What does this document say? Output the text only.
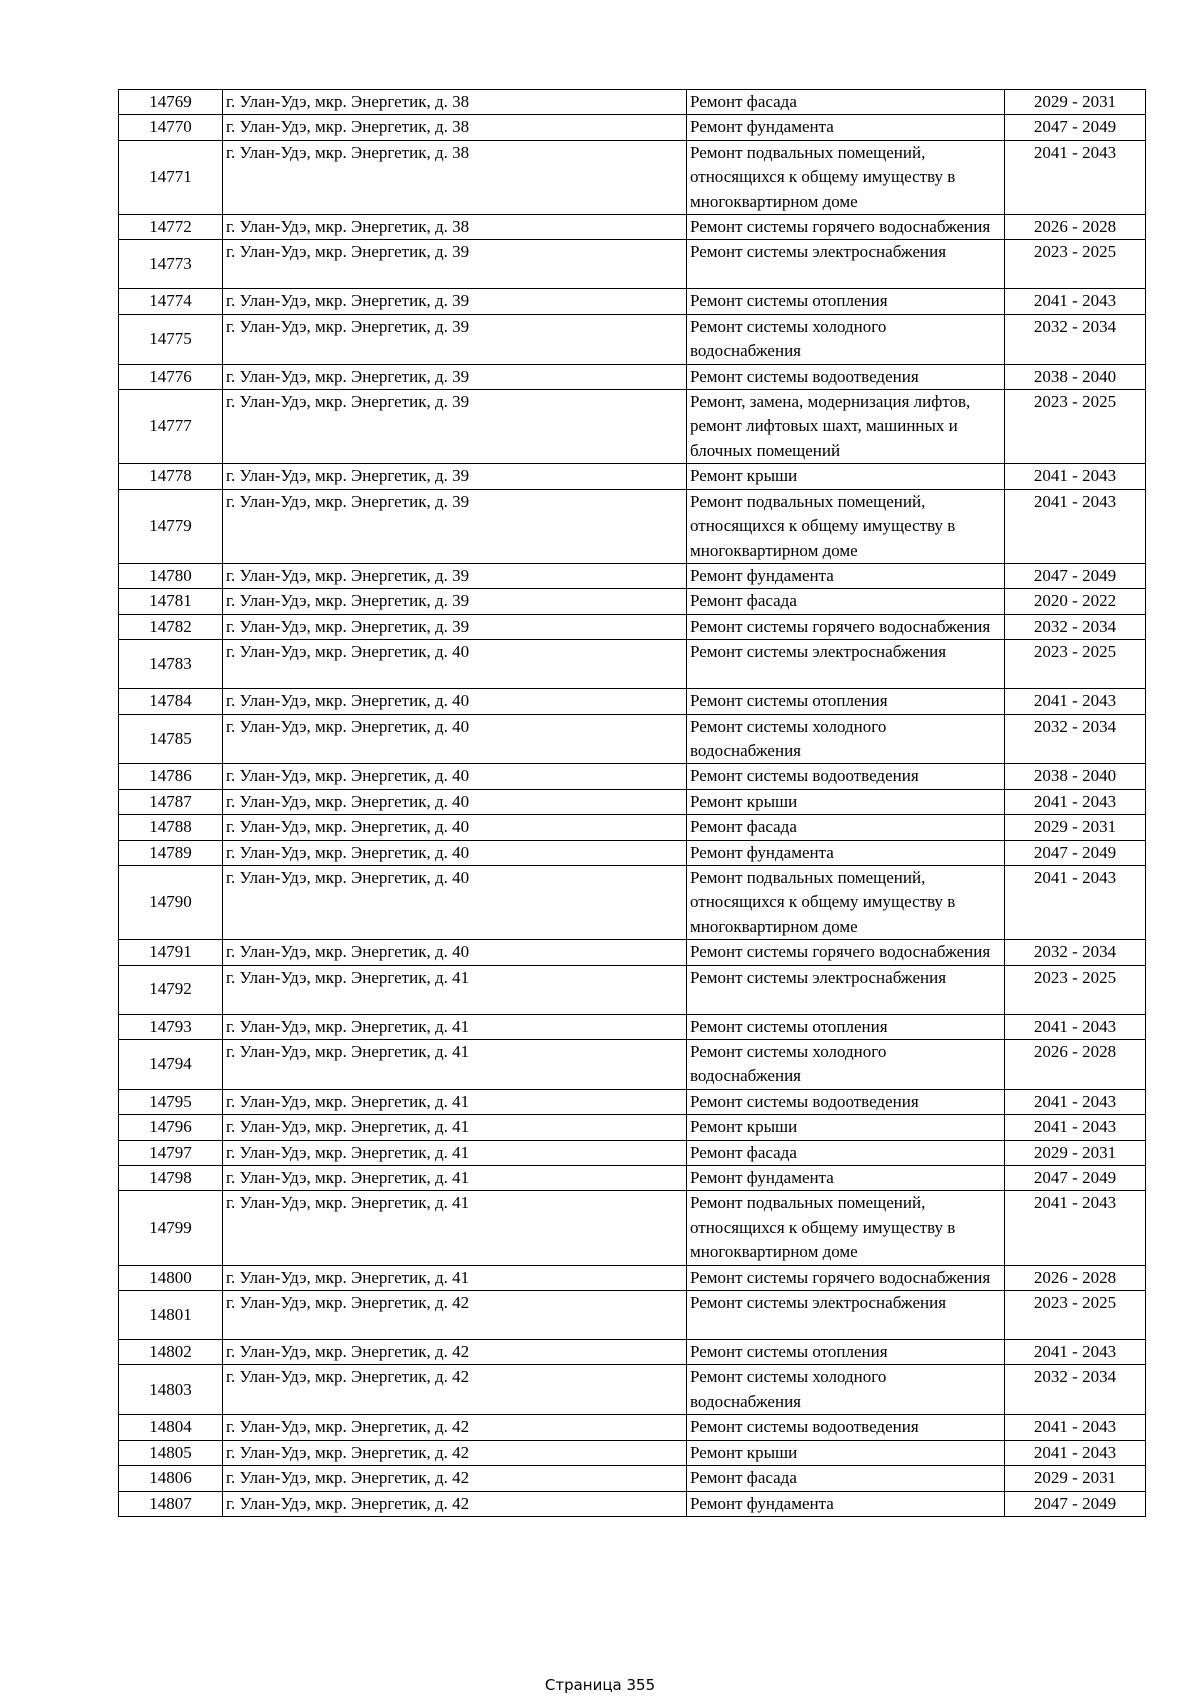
14769	г. Улан-Удэ, мкр. Энергетик, д. 38	Ремонт фасада	2029 - 2031
14770	г. Улан-Удэ, мкр. Энергетик, д. 38	Ремонт фундамента	2047 - 2049
14771	г. Улан-Удэ, мкр. Энергетик, д. 38	Ремонт подвальных помещений, относящихся к общему имуществу в многоквартирном доме	2041 - 2043
14772	г. Улан-Удэ, мкр. Энергетик, д. 38	Ремонт системы горячего водоснабжения	2026 - 2028
14773	г. Улан-Удэ, мкр. Энергетик, д. 39	Ремонт системы электроснабжения	2023 - 2025
14774	г. Улан-Удэ, мкр. Энергетик, д. 39	Ремонт системы отопления	2041 - 2043
14775	г. Улан-Удэ, мкр. Энергетик, д. 39	Ремонт системы холодного водоснабжения	2032 - 2034
14776	г. Улан-Удэ, мкр. Энергетик, д. 39	Ремонт системы водоотведения	2038 - 2040
14777	г. Улан-Удэ, мкр. Энергетик, д. 39	Ремонт, замена, модернизация лифтов, ремонт лифтовых шахт, машинных и блочных помещений	2023 - 2025
14778	г. Улан-Удэ, мкр. Энергетик, д. 39	Ремонт крыши	2041 - 2043
14779	г. Улан-Удэ, мкр. Энергетик, д. 39	Ремонт подвальных помещений, относящихся к общему имуществу в многоквартирном доме	2041 - 2043
14780	г. Улан-Удэ, мкр. Энергетик, д. 39	Ремонт фундамента	2047 - 2049
14781	г. Улан-Удэ, мкр. Энергетик, д. 39	Ремонт фасада	2020 - 2022
14782	г. Улан-Удэ, мкр. Энергетик, д. 39	Ремонт системы горячего водоснабжения	2032 - 2034
14783	г. Улан-Удэ, мкр. Энергетик, д. 40	Ремонт системы электроснабжения	2023 - 2025
14784	г. Улан-Удэ, мкр. Энергетик, д. 40	Ремонт системы отопления	2041 - 2043
14785	г. Улан-Удэ, мкр. Энергетик, д. 40	Ремонт системы холодного водоснабжения	2032 - 2034
14786	г. Улан-Удэ, мкр. Энергетик, д. 40	Ремонт системы водоотведения	2038 - 2040
14787	г. Улан-Удэ, мкр. Энергетик, д. 40	Ремонт крыши	2041 - 2043
14788	г. Улан-Удэ, мкр. Энергетик, д. 40	Ремонт фасада	2029 - 2031
14789	г. Улан-Удэ, мкр. Энергетик, д. 40	Ремонт фундамента	2047 - 2049
14790	г. Улан-Удэ, мкр. Энергетик, д. 40	Ремонт подвальных помещений, относящихся к общему имуществу в многоквартирном доме	2041 - 2043
14791	г. Улан-Удэ, мкр. Энергетик, д. 40	Ремонт системы горячего водоснабжения	2032 - 2034
14792	г. Улан-Удэ, мкр. Энергетик, д. 41	Ремонт системы электроснабжения	2023 - 2025
14793	г. Улан-Удэ, мкр. Энергетик, д. 41	Ремонт системы отопления	2041 - 2043
14794	г. Улан-Удэ, мкр. Энергетик, д. 41	Ремонт системы холодного водоснабжения	2026 - 2028
14795	г. Улан-Удэ, мкр. Энергетик, д. 41	Ремонт системы водоотведения	2041 - 2043
14796	г. Улан-Удэ, мкр. Энергетик, д. 41	Ремонт крыши	2041 - 2043
14797	г. Улан-Удэ, мкр. Энергетик, д. 41	Ремонт фасада	2029 - 2031
14798	г. Улан-Удэ, мкр. Энергетик, д. 41	Ремонт фундамента	2047 - 2049
14799	г. Улан-Удэ, мкр. Энергетик, д. 41	Ремонт подвальных помещений, относящихся к общему имуществу в многоквартирном доме	2041 - 2043
14800	г. Улан-Удэ, мкр. Энергетик, д. 41	Ремонт системы горячего водоснабжения	2026 - 2028
14801	г. Улан-Удэ, мкр. Энергетик, д. 42	Ремонт системы электроснабжения	2023 - 2025
14802	г. Улан-Удэ, мкр. Энергетик, д. 42	Ремонт системы отопления	2041 - 2043
14803	г. Улан-Удэ, мкр. Энергетик, д. 42	Ремонт системы холодного водоснабжения	2032 - 2034
14804	г. Улан-Удэ, мкр. Энергетик, д. 42	Ремонт системы водоотведения	2041 - 2043
14805	г. Улан-Удэ, мкр. Энергетик, д. 42	Ремонт крыши	2041 - 2043
14806	г. Улан-Удэ, мкр. Энергетик, д. 42	Ремонт фасада	2029 - 2031
14807	г. Улан-Удэ, мкр. Энергетик, д. 42	Ремонт фундамента	2047 - 2049
Страница 355
